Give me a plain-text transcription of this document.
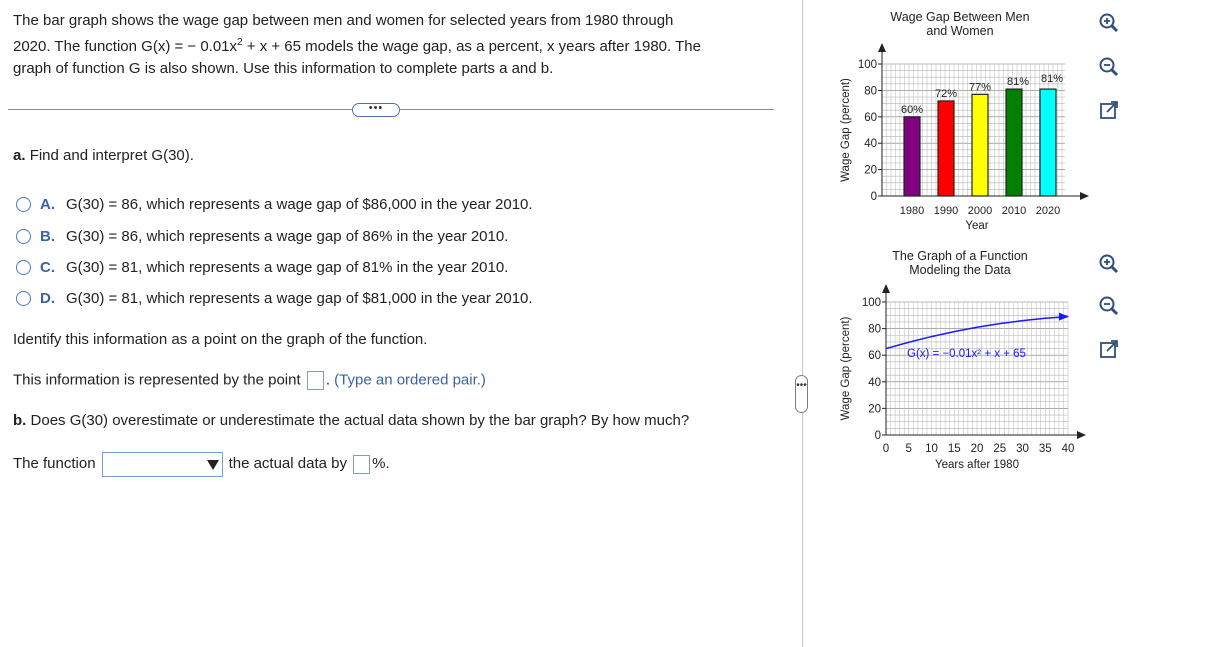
The bar graph shows the wage gap between men and women for selected years from 1980 through
2020. The function G(x) = − $0.01x^2 + x + 65$ models the wage gap, as a percent, x years after 1980. The
graph of function G is also shown. Use this information to complete parts a and b.
•••
a. Find and interpret G(30).
A. G(30) = 86, which represents a wage gap of $86,000 in the year 2010.
B. G(30) = 86, which represents a wage gap of 86% in the year 2010.
C. G(30) = 81, which represents a wage gap of 81% in the year 2010.
D. G(30) = 81, which represents a wage gap of $81,000 in the year 2010.
Identify this information as a point on the graph of the function.
This information is represented by the point . (Type an ordered pair.)
b. Does G(30) overestimate or underestimate the actual data shown by the bar graph? By how much?
The function	the actual data by %.
•••
Wage Gap Between Men
and Women
0
20
40
60
80
100
Wage Gap (percent)	60%
1980
72%
1990
77%
2000
81%
2010
81%
2020
Year
The Graph of a Function
Modeling the Data
0
20
40
60
80
100
0 5 10 15 20 25 30 35 40
Wage Gap (percent)
Years after 1980
G(x) = −0.01x² + x + 65
